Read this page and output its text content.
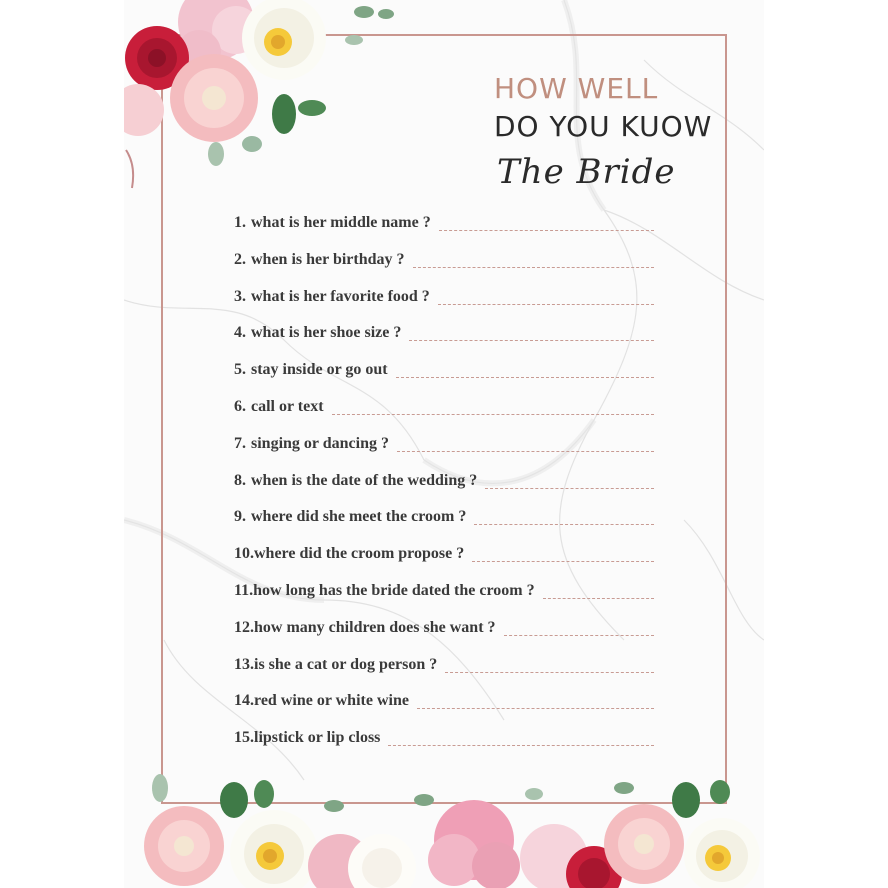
HOW WELL
DO YOU KUOW
The Bride
1. what is her middle name ?
2. when is her birthday ?
3. what is her favorite food ?
4. what is her shoe size ?
5. stay inside or go out
6. call or text
7. singing or dancing ?
8. when is the date of the wedding ?
9. where did she meet the croom ?
10. where did the croom propose ?
11. how long has the bride dated the croom ?
12. how many children does she want ?
13. is she a cat or dog person ?
14. red wine or white wine
15. lipstick or lip closs
